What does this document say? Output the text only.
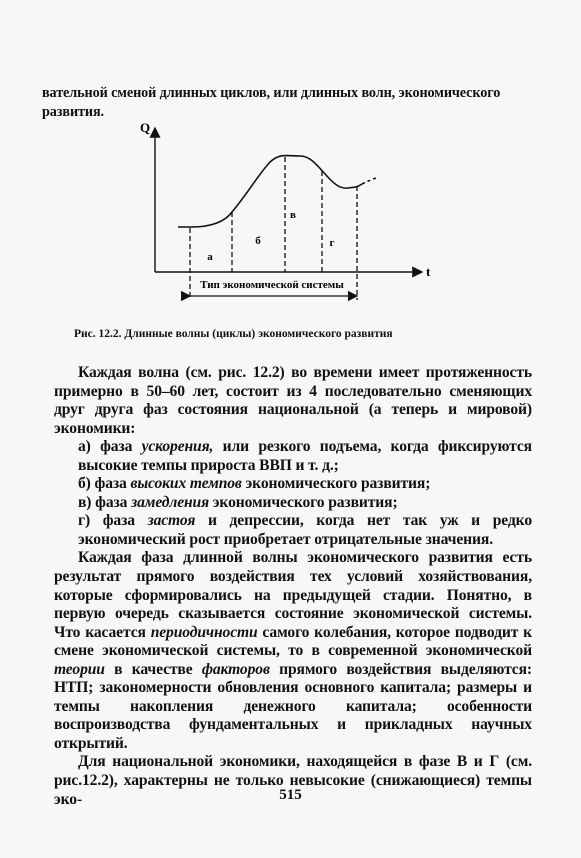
вательной сменой длинных циклов, или длинных волн, экономического развития.
Q
t
а
б
в
г
Тип экономической системы
Рис. 12.2. Длинные волны (циклы) экономического развития

Каждая волна (см. рис. 12.2) во времени имеет протяженность примерно в 50–60 лет, состоит из 4 последовательно сменяющих друг друга фаз состояния национальной (а теперь и мировой) экономики:

а) фаза ускорения, или резкого подъема, когда фиксируются высокие темпы прироста ВВП и т. д.;

б) фаза высоких темпов экономического развития;

в) фаза замедления экономического развития;

г) фаза застоя и депрессии, когда нет так уж и редко экономический рост приобретает отрицательные значения.

Каждая фаза длинной волны экономического развития есть результат прямого воздействия тех условий хозяйствования, которые сформировались на предыдущей стадии. Понятно, в первую очередь сказывается состояние экономической системы. Что касается периодичности самого колебания, которое подводит к смене экономической системы, то в современной экономической теории в качестве факторов прямого воздействия выделяются: НТП; закономерности обновления основного капитала; размеры и темпы накопления денежного капитала; особенности воспроизводства фундаментальных и прикладных научных открытий.

Для национальной экономики, находящейся в фазе В и Г (см. рис.12.2), характерны не только невысокие (снижающиеся) темпы эко-	515
